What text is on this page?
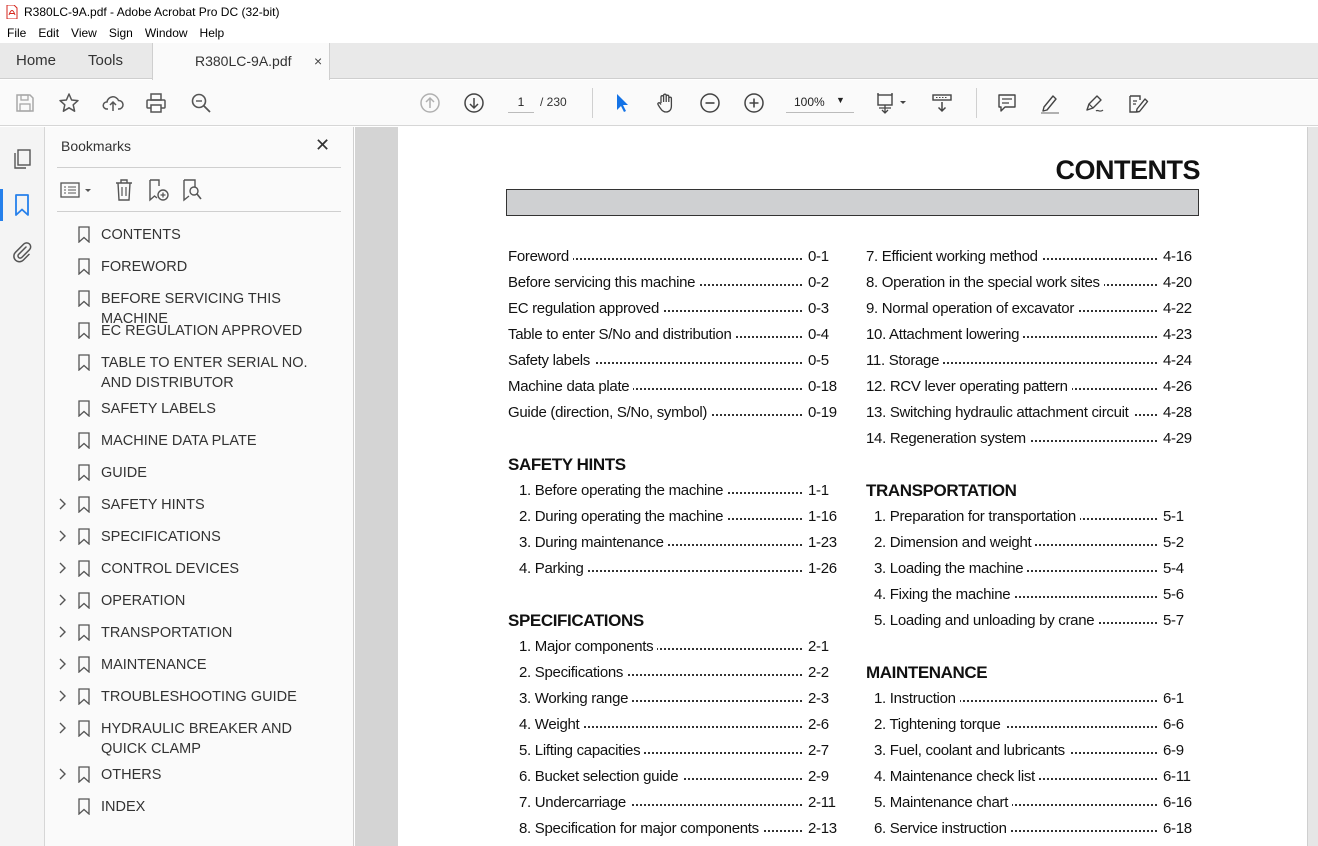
R380LC-9A.pdf - Adobe Acrobat Pro DC (32-bit)
File Edit View Sign Window Help
Home Tools	R380LC-9A.pdf ×
1
/ 230	100% ▼
Bookmarks	✕
CONTENTS
FOREWORD
BEFORE SERVICING THIS MACHINE
EC REGULATION APPROVED
TABLE TO ENTER SERIAL NO. AND DISTRIBUTOR
SAFETY LABELS
MACHINE DATA PLATE
GUIDE
SAFETY HINTS
SPECIFICATIONS
CONTROL DEVICES
OPERATION
TRANSPORTATION
MAINTENANCE
TROUBLESHOOTING GUIDE
HYDRAULIC BREAKER AND QUICK CLAMP
OTHERS
INDEX
CONTENTS
Foreword	0-1
Before servicing this machine	0-2
EC regulation approved	0-3
Table to enter S/No and distribution	0-4
Safety labels	0-5
Machine data plate	0-18
Guide (direction, S/No, symbol)	0-19
SAFETY HINTS
1. Before operating the machine	1-1
2. During operating the machine	1-16
3. During maintenance	1-23
4. Parking	1-26
SPECIFICATIONS
1. Major components	2-1
2. Specifications	2-2
3. Working range	2-3
4. Weight	2-6
5. Lifting capacities	2-7
6. Bucket selection guide	2-9
7. Undercarriage	2-11
8. Specification for major components	2-13
7. Efficient working method	4-16
8. Operation in the special work sites	4-20
9. Normal operation of excavator	4-22
10. Attachment lowering	4-23
11. Storage	4-24
12. RCV lever operating pattern	4-26
13. Switching hydraulic attachment circuit 4-28
14. Regeneration system	4-29
TRANSPORTATION
1. Preparation for transportation	5-1
2. Dimension and weight	5-2
3. Loading the machine	5-4
4. Fixing the machine	5-6
5. Loading and unloading by crane	5-7
MAINTENANCE
1. Instruction	6-1
2. Tightening torque	6-6
3. Fuel, coolant and lubricants	6-9
4. Maintenance check list	6-11
5. Maintenance chart	6-16
6. Service instruction	6-18
